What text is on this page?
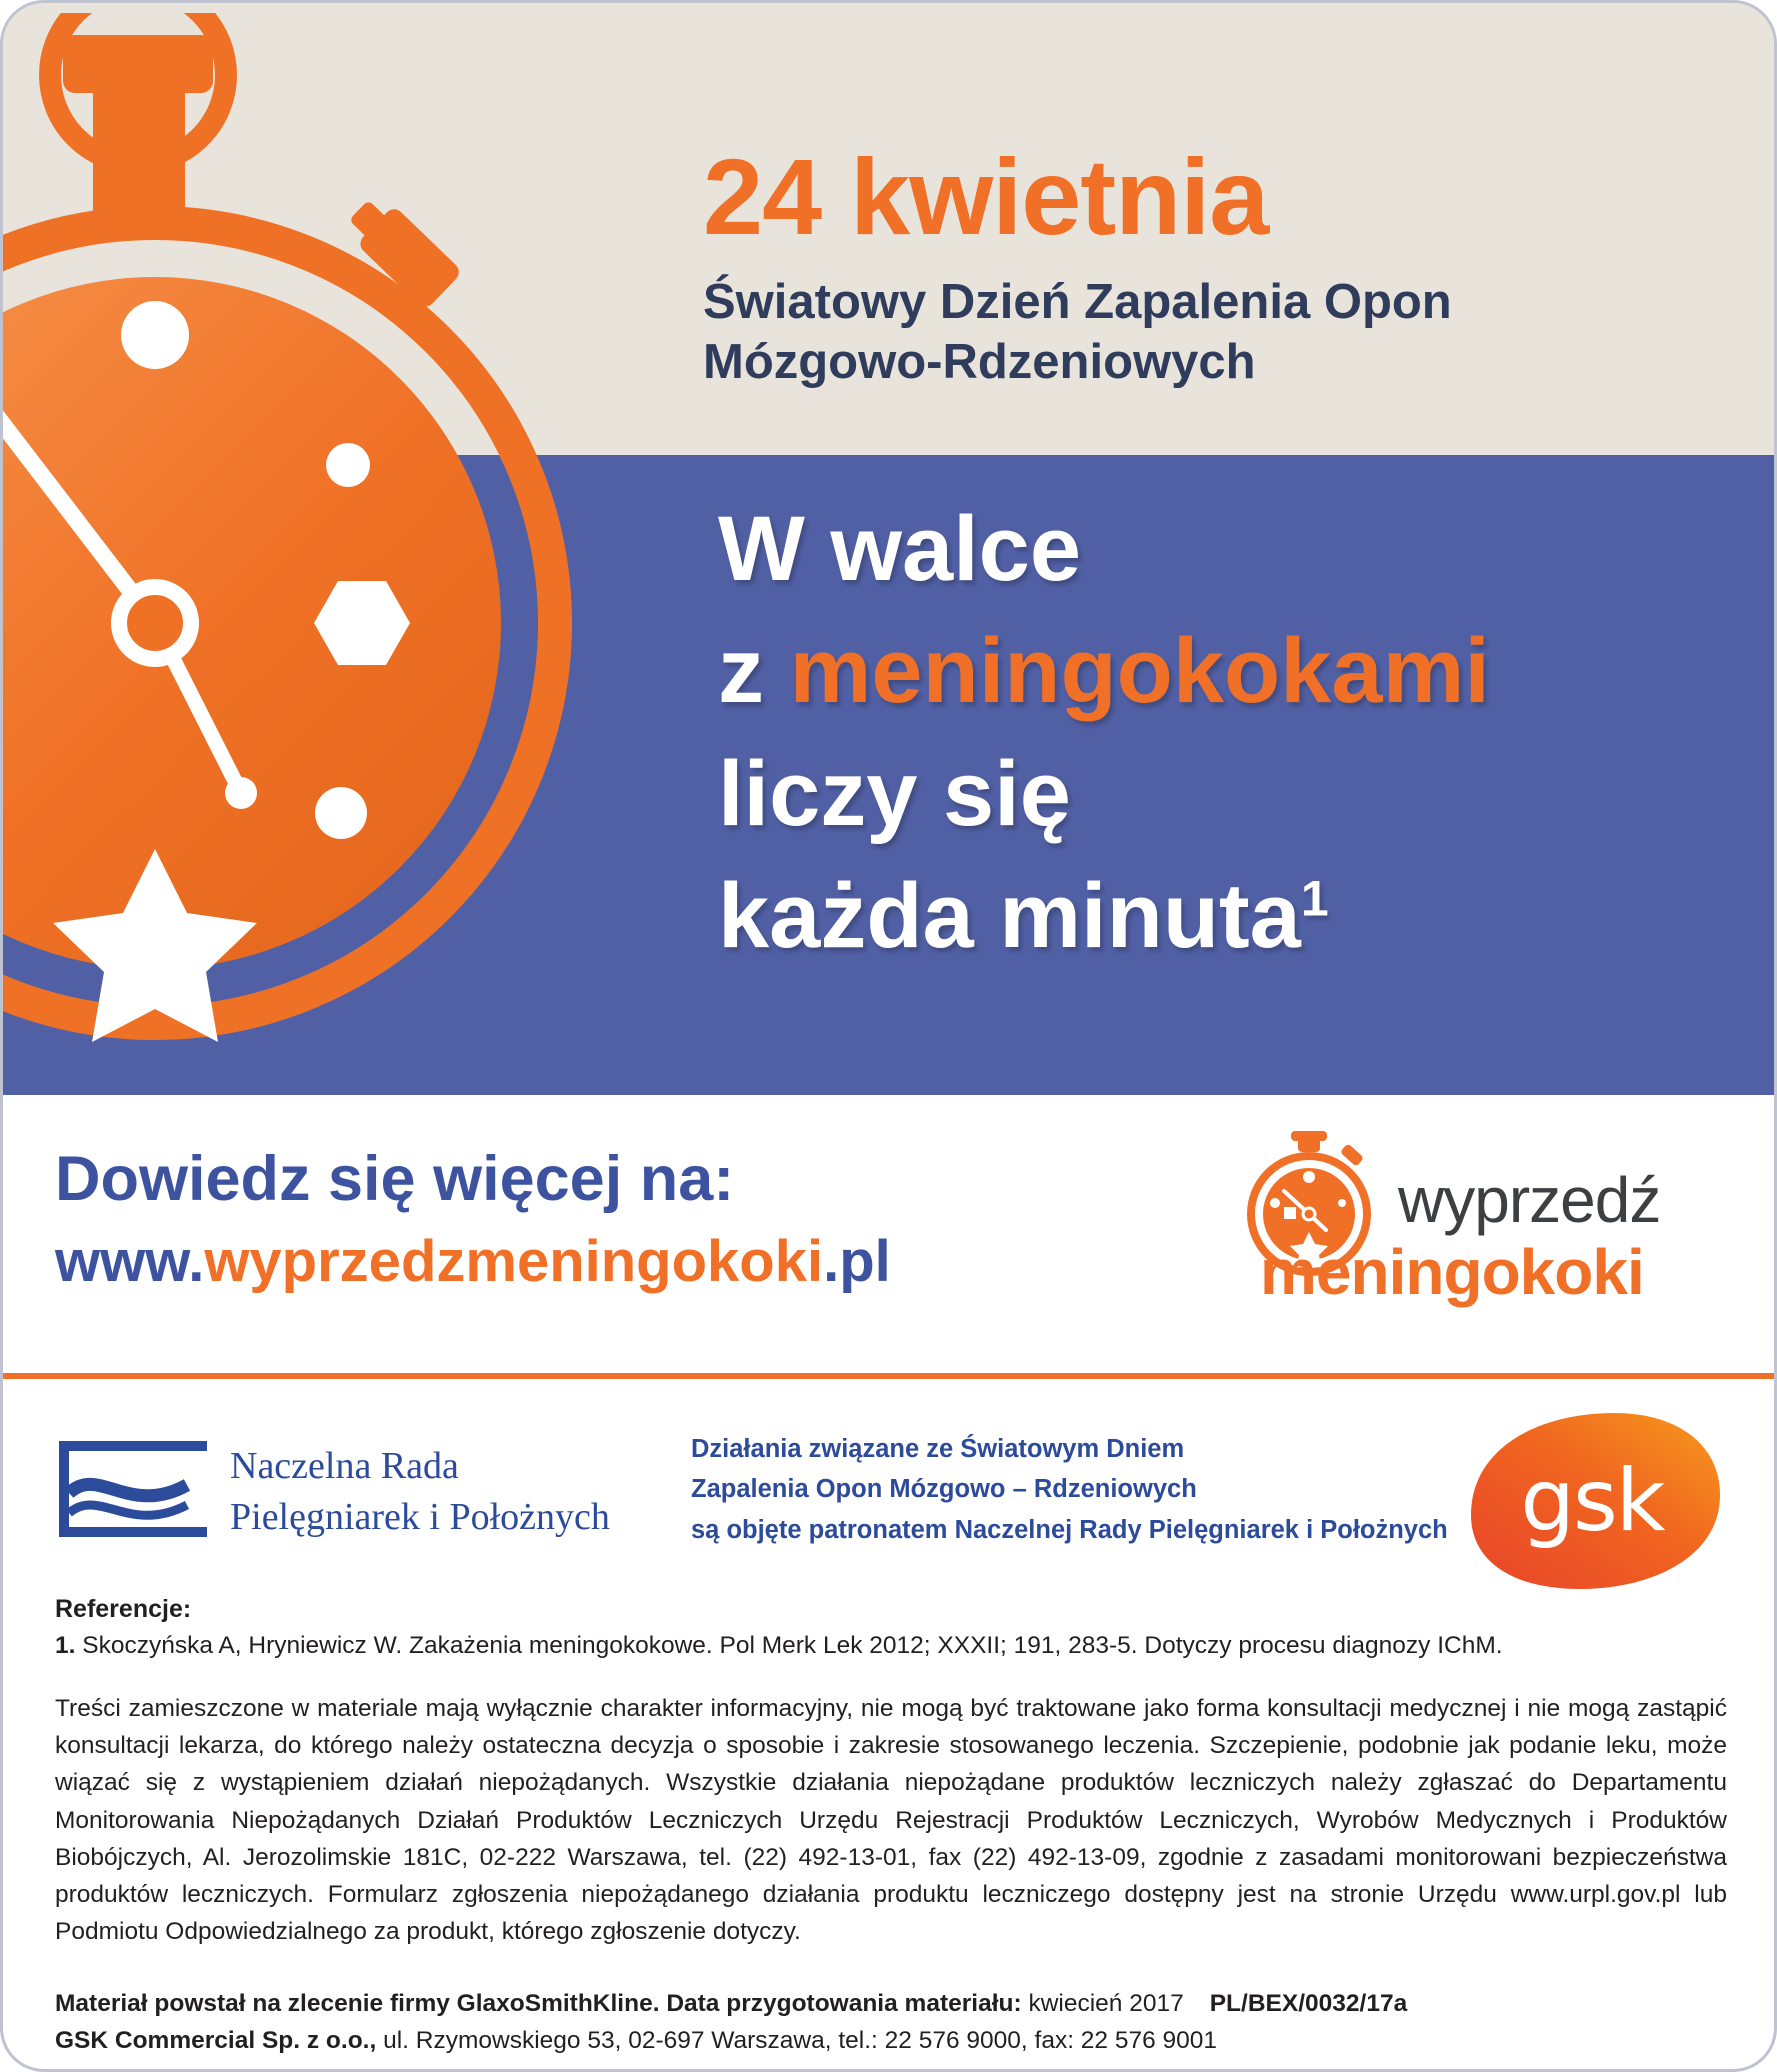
24 kwietnia
Światowy Dzień Zapalenia Opon
Mózgowo-Rdzeniowych
W walce
z meningokokami
liczy się
każda minuta$^1$
Dowiedz się więcej na:
www.wyprzedzmeningokoki.pl
wyprzedź
meningokoki
Naczelna Rada
Pielęgniarek i Położnych
Działania związane ze Światowym Dniem
Zapalenia Opon Mózgowo – Rdzeniowych
są objęte patronatem Naczelnej Rady Pielęgniarek i Położnych gsk
Referencje:
1. Skoczyńska A, Hryniewicz W. Zakażenia meningokokowe. Pol Merk Lek 2012; XXXII; 191, 283-5. Dotyczy procesu diagnozy IChM.
Treści zamieszczone w materiale mają wyłącznie charakter informacyjny, nie mogą być traktowane jako forma konsultacji medycznej i nie mogą zastąpić konsultacji lekarza, do którego należy ostateczna decyzja o sposobie i zakresie stosowanego leczenia. Szczepienie, podobnie jak podanie leku, może wiązać się z wystąpieniem działań niepożądanych. Wszystkie działania niepożądane produktów leczniczych należy zgłaszać do Departamentu Monitorowania Niepożądanych Działań Produktów Leczniczych Urzędu Rejestracji Produktów Leczniczych, Wyrobów Medycznych i Produktów Biobójczych, Al. Jerozolimskie 181C, 02-222 Warszawa, tel. (22) 492-13-01, fax (22) 492-13-09, zgodnie z zasadami monitorowani bezpieczeństwa produktów leczniczych. Formularz zgłoszenia niepożądanego działania produktu leczniczego dostępny jest na stronie Urzędu www.urpl.gov.pl lub Podmiotu Odpowiedzialnego za produkt, którego zgłoszenie dotyczy.
Materiał powstał na zlecenie firmy GlaxoSmithKline. Data przygotowania materiału: kwiecień 2017 PL/BEX/0032/17a
GSK Commercial Sp. z o.o., ul. Rzymowskiego 53, 02-697 Warszawa, tel.: 22 576 9000, fax: 22 576 9001
